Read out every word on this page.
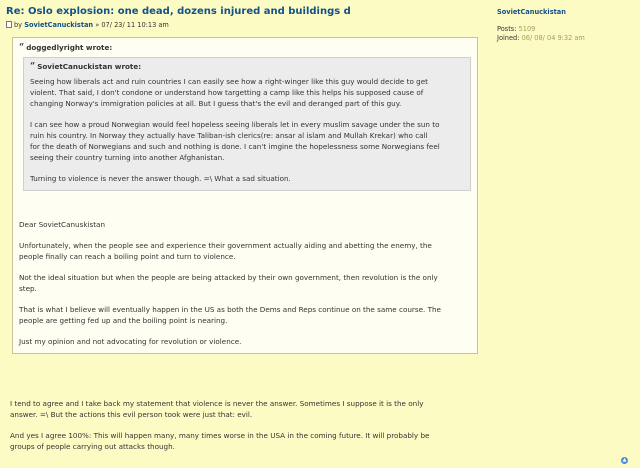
Re: Oslo explosion: one dead, dozens injured and buildings d
by SovietCanuckistan » 07/ 23/ 11 10:13 am
“ doggedlyright wrote:
“ SovietCanuckistan wrote:

Seeing how liberals act and ruin countries I can easily see how a right-winger like this guy would decide to get
violent. That said, I don't condone or understand how targetting a camp like this helps his supposed cause of
changing Norway's immigration policies at all. But I guess that's the evil and deranged part of this guy.

I can see how a proud Norwegian would feel hopeless seeing liberals let in every muslim savage under the sun to
ruin his country. In Norway they actually have Taliban-ish clerics(re: ansar al islam and Mullah Krekar) who call
for the death of Norwegians and such and nothing is done. I can't imgine the hopelessness some Norwegians feel
seeing their country turning into another Afghanistan.

Turning to violence is never the answer though. =\ What a sad situation.

Dear SovietCanuskistan

Unfortunately, when the people see and experience their government actually aiding and abetting the enemy, the
people finally can reach a boiling point and turn to violence.

Not the ideal situation but when the people are being attacked by their own government, then revolution is the only
step.

That is what I believe will eventually happen in the US as both the Dems and Reps continue on the same course. The
people are getting fed up and the boiling point is nearing.

Just my opinion and not advocating for revolution or violence.

I tend to agree and I take back my statement that violence is never the answer. Sometimes I suppose it is the only
answer. =\ But the actions this evil person took were just that: evil.

And yes I agree 100%: This will happen many, many times worse in the USA in the coming future. It will probably be
groups of people carrying out attacks though.

SovietCanuckistan
Posts: 5109
Joined: 06/ 08/ 04 9:32 am
▲
